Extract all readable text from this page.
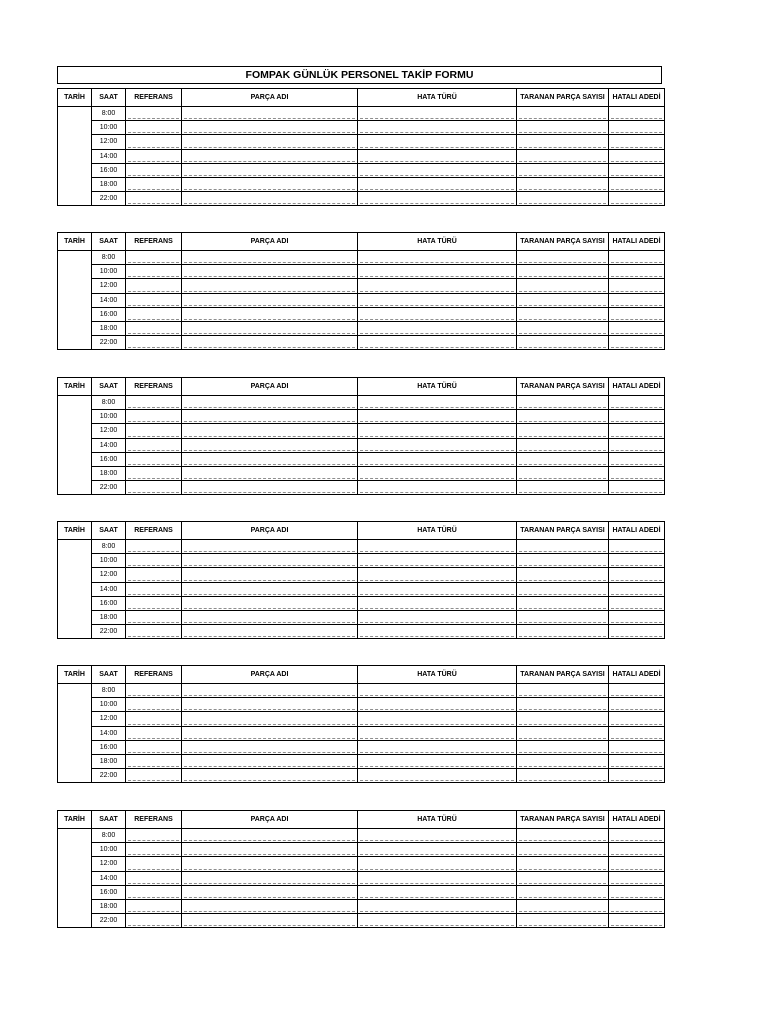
FOMPAK GÜNLÜK PERSONEL TAKİP FORMU
TARİH	SAAT	REFERANS	PARÇA ADI	HATA TÜRÜ	TARANAN PARÇA SAYISI	HATALI ADEDİ
	8:00					
	10:00					
	12:00					
	14:00					
	16:00					
	18:00					
	22:00					
TARİH	SAAT	REFERANS	PARÇA ADI	HATA TÜRÜ	TARANAN PARÇA SAYISI	HATALI ADEDİ
	8:00					
	10:00					
	12:00					
	14:00					
	16:00					
	18:00					
	22:00					
TARİH	SAAT	REFERANS	PARÇA ADI	HATA TÜRÜ	TARANAN PARÇA SAYISI	HATALI ADEDİ
	8:00					
	10:00					
	12:00					
	14:00					
	16:00					
	18:00					
	22:00					
TARİH	SAAT	REFERANS	PARÇA ADI	HATA TÜRÜ	TARANAN PARÇA SAYISI	HATALI ADEDİ
	8:00					
	10:00					
	12:00					
	14:00					
	16:00					
	18:00					
	22:00					
TARİH	SAAT	REFERANS	PARÇA ADI	HATA TÜRÜ	TARANAN PARÇA SAYISI	HATALI ADEDİ
	8:00					
	10:00					
	12:00					
	14:00					
	16:00					
	18:00					
	22:00					
TARİH	SAAT	REFERANS	PARÇA ADI	HATA TÜRÜ	TARANAN PARÇA SAYISI	HATALI ADEDİ
	8:00					
	10:00					
	12:00					
	14:00					
	16:00					
	18:00					
	22:00					
